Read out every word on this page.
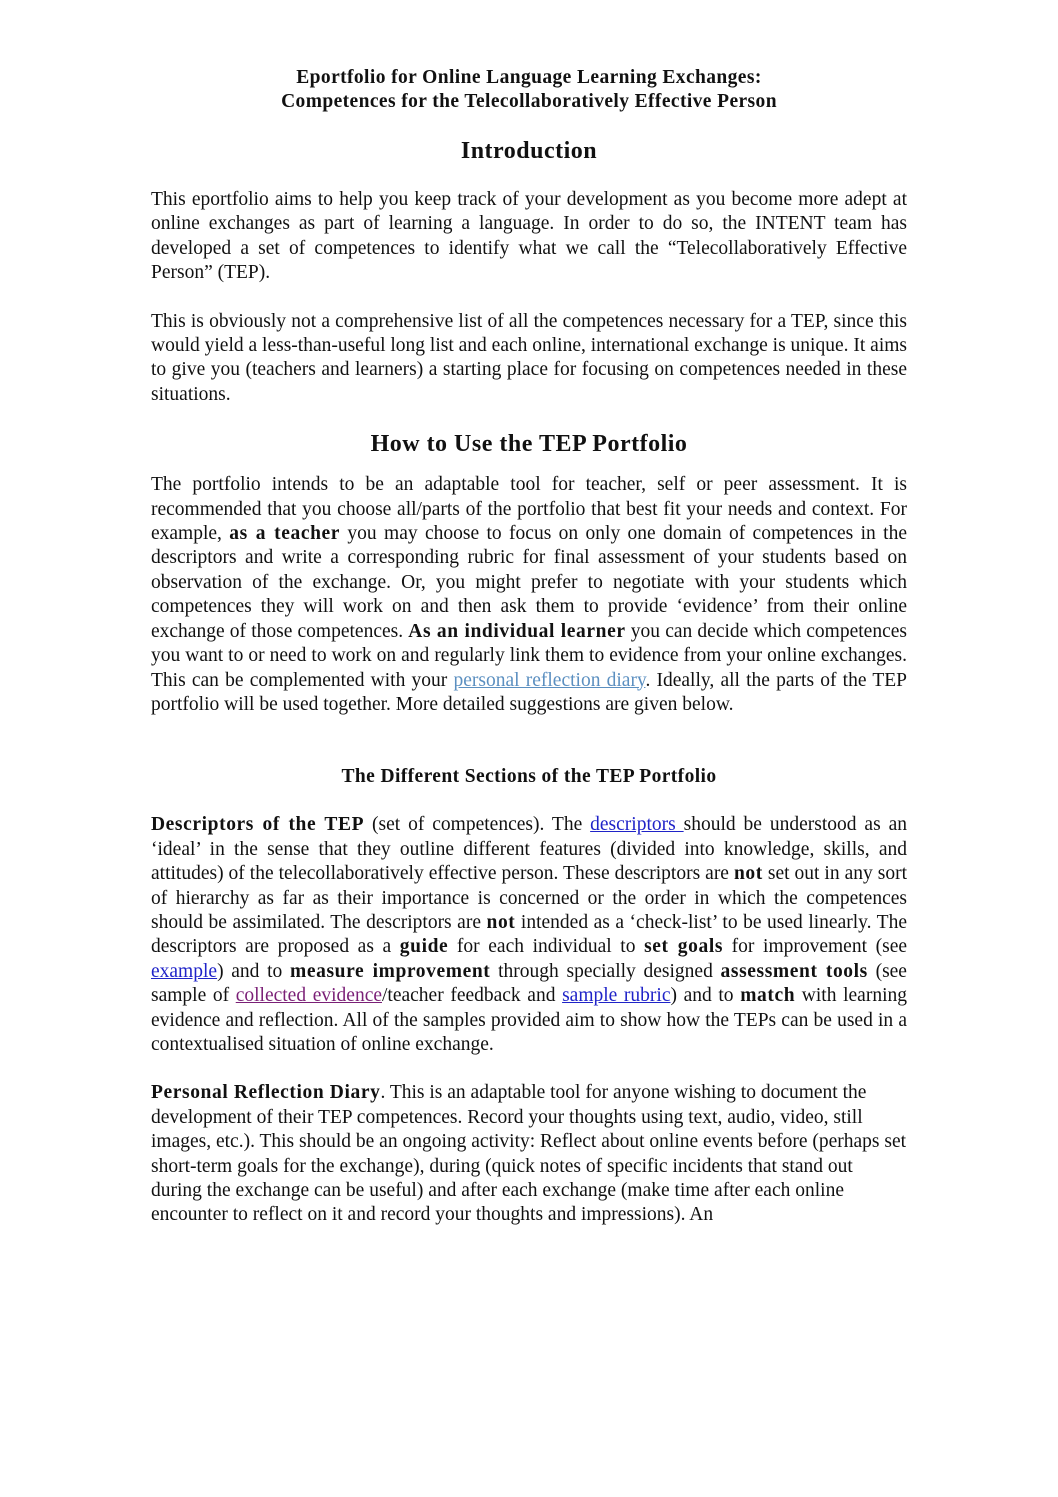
Eportfolio for Online Language Learning Exchanges:

Competences for the Telecollaboratively Effective Person

Introduction

This eportfolio aims to help you keep track of your development as you become more adept at online exchanges as part of learning a language. In order to do so, the INTENT team has developed a set of competences to identify what we call the “Telecollaboratively Effective Person” (TEP).

This is obviously not a comprehensive list of all the competences necessary for a TEP, since this would yield a less-than-useful long list and each online, international exchange is unique. It aims to give you (teachers and learners) a starting place for focusing on competences needed in these situations.

How to Use the TEP Portfolio

The portfolio intends to be an adaptable tool for teacher, self or peer assessment. It is recommended that you choose all/parts of the portfolio that best fit your needs and context. For example, as a teacher you may choose to focus on only one domain of competences in the descriptors and write a corresponding rubric for final assessment of your students based on observation of the exchange. Or, you might prefer to negotiate with your students which competences they will work on and then ask them to provide ‘evidence’ from their online exchange of those competences. As an individual learner you can decide which competences you want to or need to work on and regularly link them to evidence from your online exchanges. This can be complemented with your personal reflection diary. Ideally, all the parts of the TEP portfolio will be used together. More detailed suggestions are given below.

The Different Sections of the TEP Portfolio

Descriptors of the TEP (set of competences). The descriptors should be understood as an ‘ideal’ in the sense that they outline different features (divided into knowledge, skills, and attitudes) of the telecollaboratively effective person. These descriptors are not set out in any sort of hierarchy as far as their importance is concerned or the order in which the competences should be assimilated. The descriptors are not intended as a ‘check-list’ to be used linearly. The descriptors are proposed as a guide for each individual to set goals for improvement (see example) and to measure improvement through specially designed assessment tools (see sample of collected evidence/teacher feedback and sample rubric) and to match with learning evidence and reflection. All of the samples provided aim to show how the TEPs can be used in a contextualised situation of online exchange.

Personal Reflection Diary. This is an adaptable tool for anyone wishing to document the development of their TEP competences. Record your thoughts using text, audio, video, still images, etc.). This should be an ongoing activity: Reflect about online events before (perhaps set short-term goals for the exchange), during (quick notes of specific incidents that stand out during the exchange can be useful) and after each exchange (make time after each online encounter to reflect on it and record your thoughts and impressions). An
